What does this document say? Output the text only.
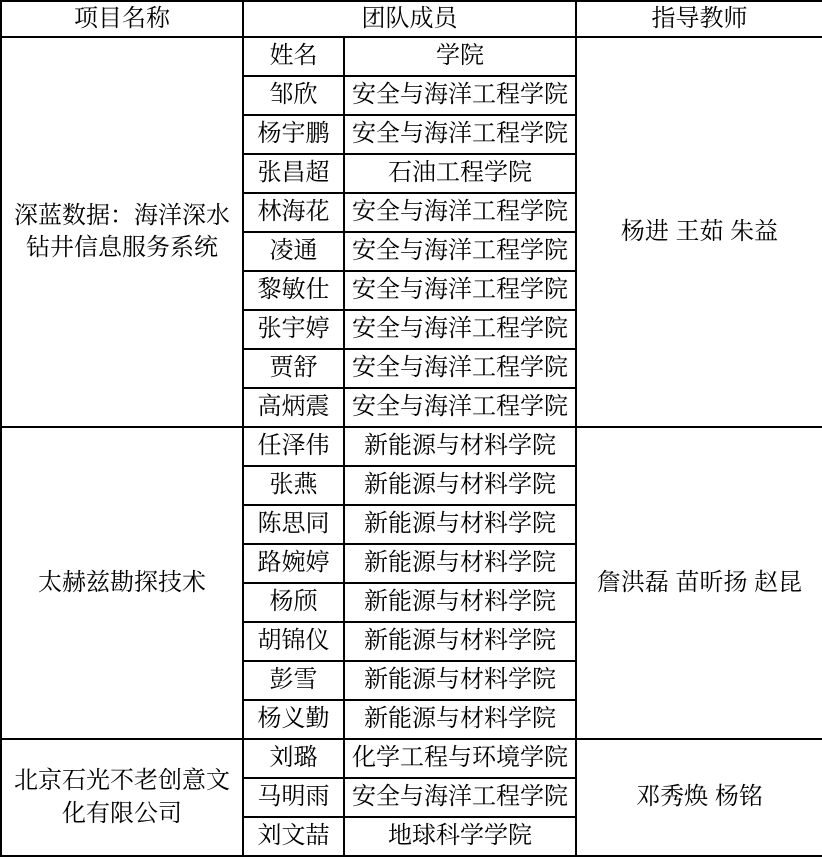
项目名称	团队成员		指导教师
深蓝数据：海洋深水钻井信息服务系统	姓名	学院	杨进 王茹 朱益
	邹欣	安全与海洋工程学院	
	杨宇鹏	安全与海洋工程学院	
	张昌超	石油工程学院	
	林海花	安全与海洋工程学院	
	凌通	安全与海洋工程学院	
	黎敏仕	安全与海洋工程学院	
	张宇婷	安全与海洋工程学院	
	贾舒	安全与海洋工程学院	
	高炳震	安全与海洋工程学院	
太赫兹勘探技术	任泽伟	新能源与材料学院	詹洪磊 苗昕扬 赵昆
	张燕	新能源与材料学院	
	陈思同	新能源与材料学院	
	路婉婷	新能源与材料学院	
	杨颀	新能源与材料学院	
	胡锦仪	新能源与材料学院	
	彭雪	新能源与材料学院	
	杨义勤	新能源与材料学院	
北京石光不老创意文化有限公司	刘璐	化学工程与环境学院	邓秀焕 杨铭
	马明雨	安全与海洋工程学院	
	刘文喆	地球科学学院	
